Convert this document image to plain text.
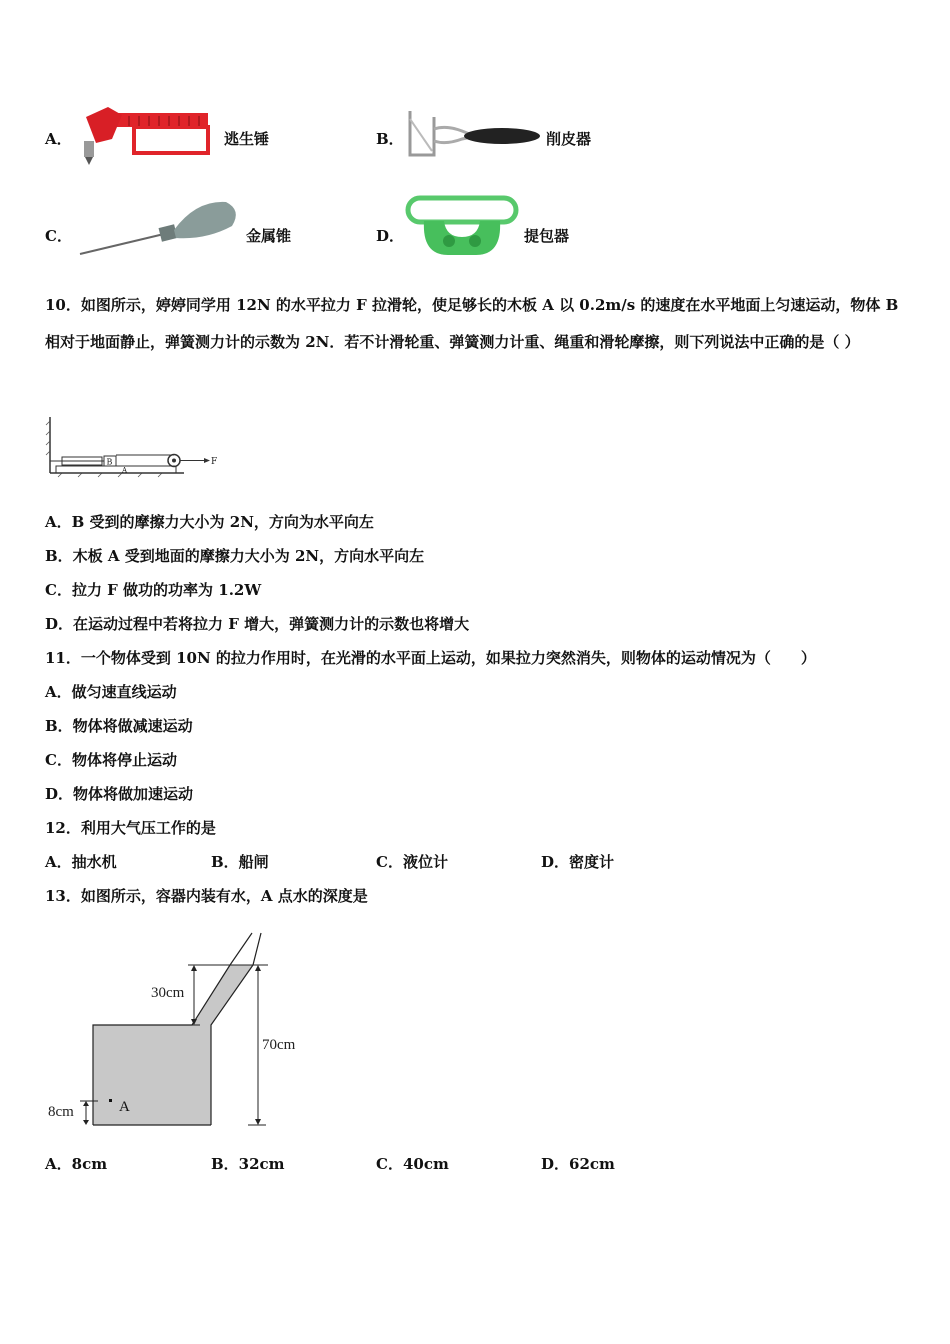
A．	逃生锤	B．	削皮器
C．	金属锥	D．	提包器
10．如图所示，婷婷同学用 12N 的水平拉力 F 拉滑轮，使足够长的木板 A 以 0.2m/s 的速度在水平地面上匀速运动，物体 B 相对于地面静止，弹簧测力计的示数为 2N．若不计滑轮重、弹簧测力计重、绳重和滑轮摩擦，则下列说法中正确的是（ ）
A
B	F
A．B 受到的摩擦力大小为 2N，方向为水平向左
B．木板 A 受到地面的摩擦力大小为 2N，方向水平向左
C．拉力 F 做功的功率为 1.2W
D．在运动过程中若将拉力 F 增大，弹簧测力计的示数也将增大
11．一个物体受到 10N 的拉力作用时，在光滑的水平面上运动，如果拉力突然消失，则物体的运动情况为（　　）
A．做匀速直线运动
B．物体将做减速运动
C．物体将停止运动
D．物体将做加速运动
12．利用大气压工作的是
A．抽水机	B．船闸	C．液位计	D．密度计
13．如图所示，容器内装有水，A 点水的深度是
30cm
70cm
8cm	A
A．8cm	B．32cm	C．40cm	D．62cm
